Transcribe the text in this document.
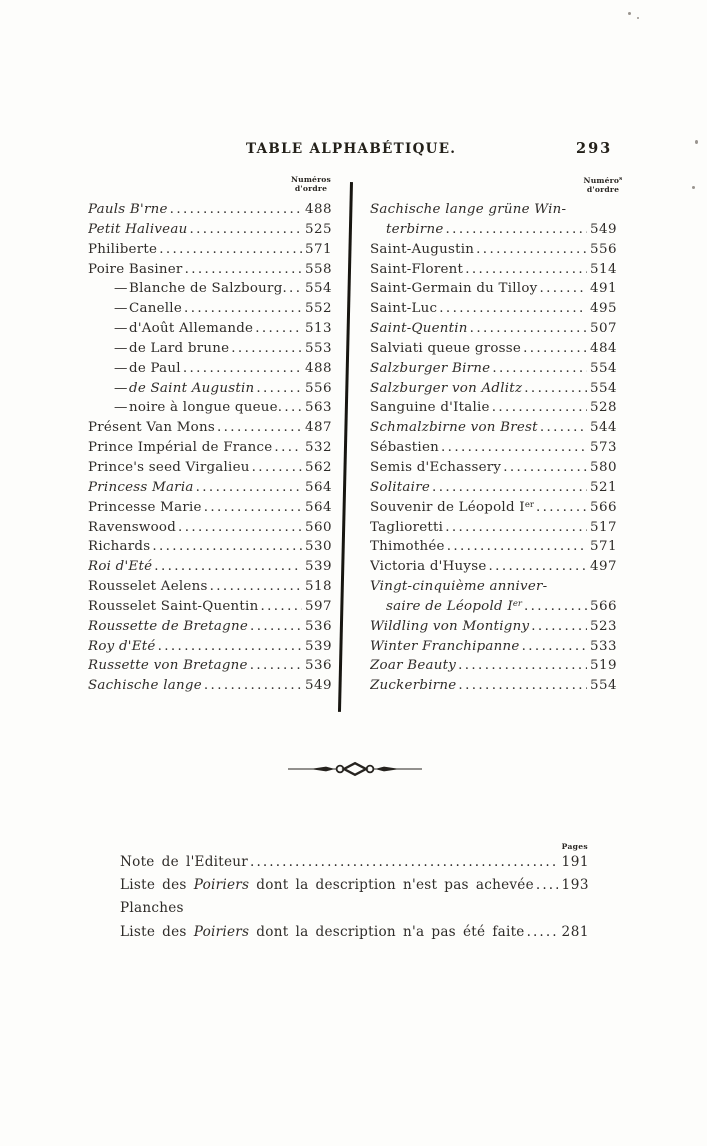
TABLE ALPHABÉTIQUE.	293
Numéros
d'ordre
Numéro$^s$
d'ordre
Pauls B'rne .....	488
Petit Haliveau .....	525
Philiberte .....	571
Poire Basiner .....	558
— Blanche de Salzbourg. ..... 554
— Canelle .....	552
— d'Août Allemande .....	513
— de Lard brune .....	553
— de Paul .....	488
— de Saint Augustin .....	556
— noire à longue queue. ..... 563
Présent Van Mons .....	487
Prince Impérial de France ..... 532
Prince's seed Virgalieu .....	562
Princess Maria .....	564
Princesse Marie .....	564
Ravenswood .....	560
Richards .....	530
Roi d'Eté .....	539
Rousselet Aelens .....	518
Rousselet Saint-Quentin .....	597
Roussette de Bretagne .....	536
Roy d'Eté .....	539
Russette von Bretagne .....	536
Sachische lange .....	549
Sachische lange grüne Win-
terbirne .....	549
Saint-Augustin .....	556
Saint-Florent .....	514
Saint-Germain du Tilloy .....	491
Saint-Luc .....	495
Saint-Quentin .....	507
Salviati queue grosse .....	484
Salzburger Birne .....	554
Salzburger von Adlitz .....	554
Sanguine d'Italie .....	528
Schmalzbirne von Brest .....	544
Sébastien .....	573
Semis d'Echassery .....	580
Solitaire .....	521
Souvenir de Léopold Ier .....	566
Taglioretti .....	517
Thimothée .....	571
Victoria d'Huyse .....	497
Vingt-cinquième anniver-
saire de Léopold Ier .....	566
Wildling von Montigny .....	523
Winter Franchipanne .....	533
Zoar Beauty .....	519
Zuckerbirne .....	554
Pages
Note de l'Editeur .....	191
Liste des Poiriers dont la description n'est pas achevée ..... 193
Planches
Liste des Poiriers dont la description n'a pas été faite .....	281
